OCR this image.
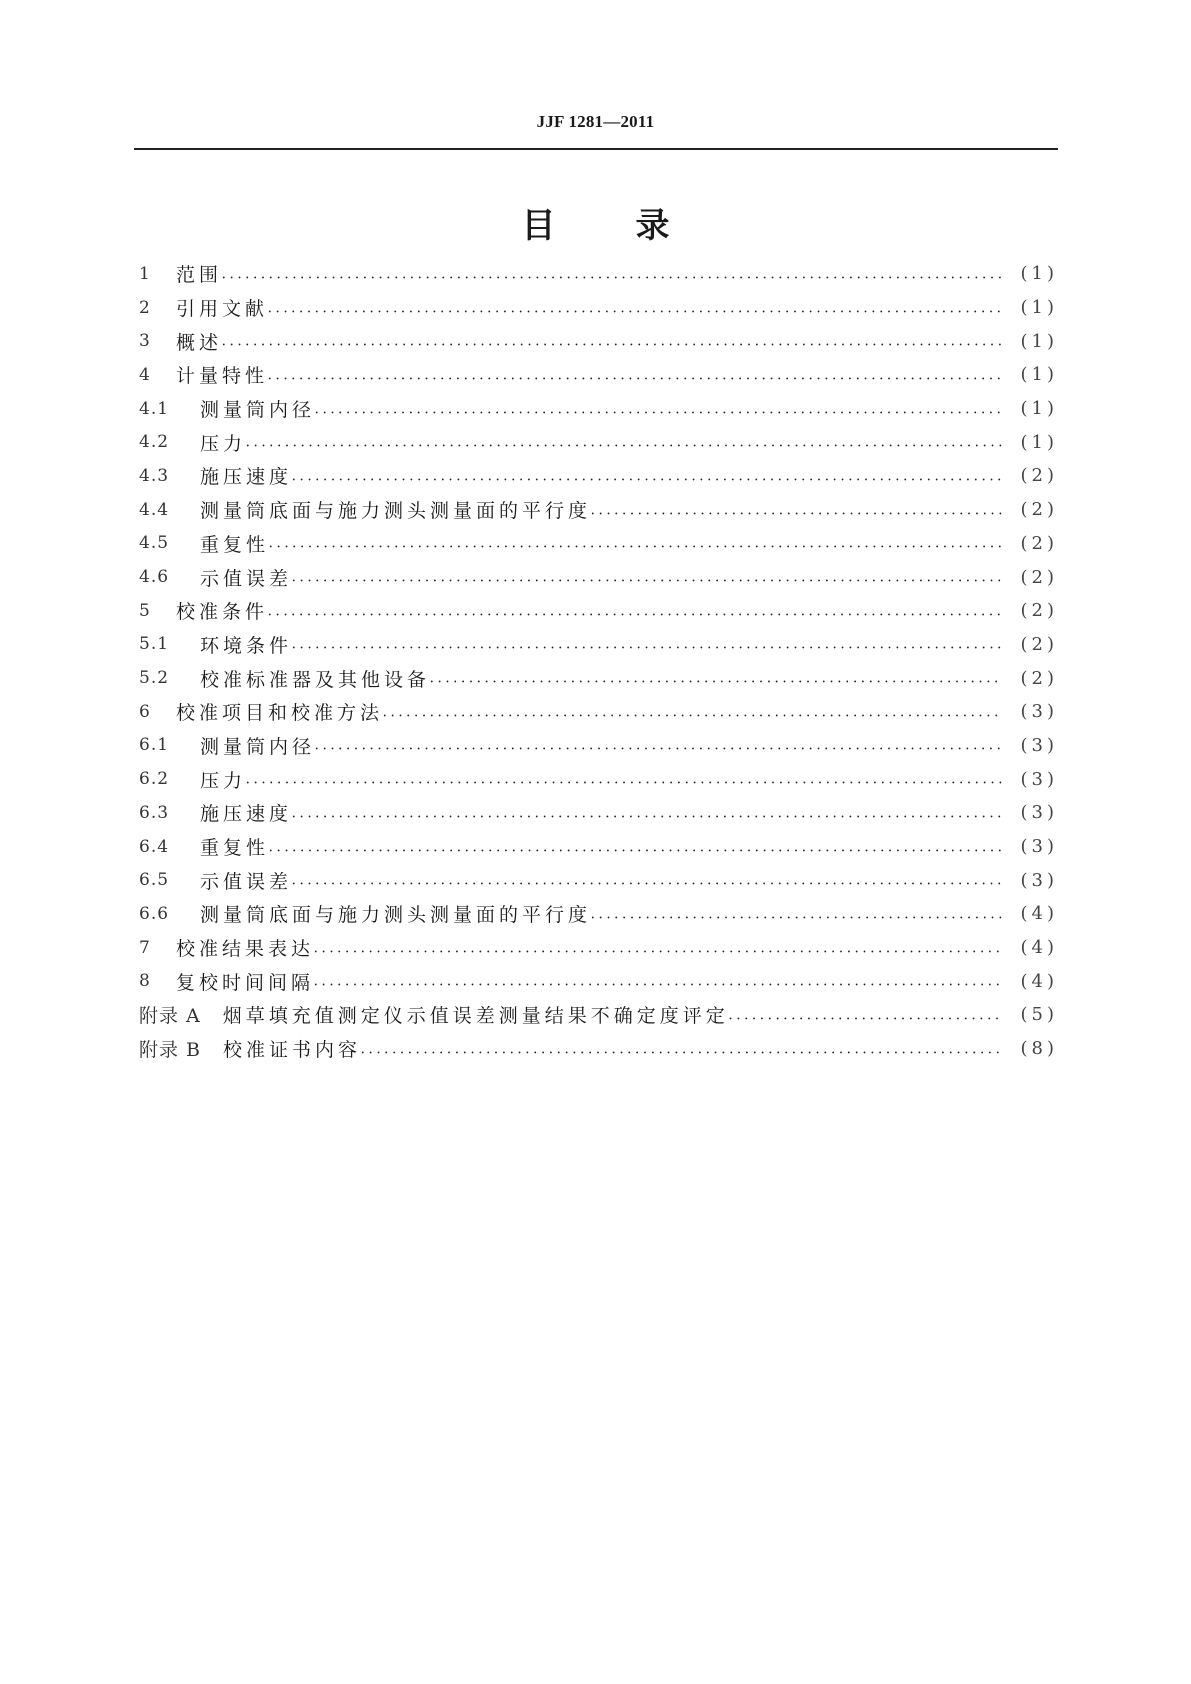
JJF 1281—2011
目 录
1	范围 •••••	(1)
2	引用文献 •••••	(1)
3	概述 •••••	(1)
4	计量特性 •••••	(1)
4.1	测量筒内径 •••••	(1)
4.2	压力 •••••	(1)
4.3	施压速度 •••••	(2)
4.4	测量筒底面与施力测头测量面的平行度 •••••	(2)
4.5	重复性 •••••	(2)
4.6	示值误差 •••••	(2)
5	校准条件 •••••	(2)
5.1	环境条件 •••••	(2)
5.2	校准标准器及其他设备 •••••	(2)
6	校准项目和校准方法 •••••	(3)
6.1	测量筒内径 •••••	(3)
6.2	压力 •••••	(3)
6.3	施压速度 •••••	(3)
6.4	重复性 •••••	(3)
6.5	示值误差 •••••	(3)
6.6	测量筒底面与施力测头测量面的平行度 •••••	(4)
7	校准结果表达 •••••	(4)
8	复校时间间隔 •••••	(4)
附录 A 烟草填充值测定仪示值误差测量结果不确定度评定 •••••	(5)
附录 B 校准证书内容 •••••	(8)
